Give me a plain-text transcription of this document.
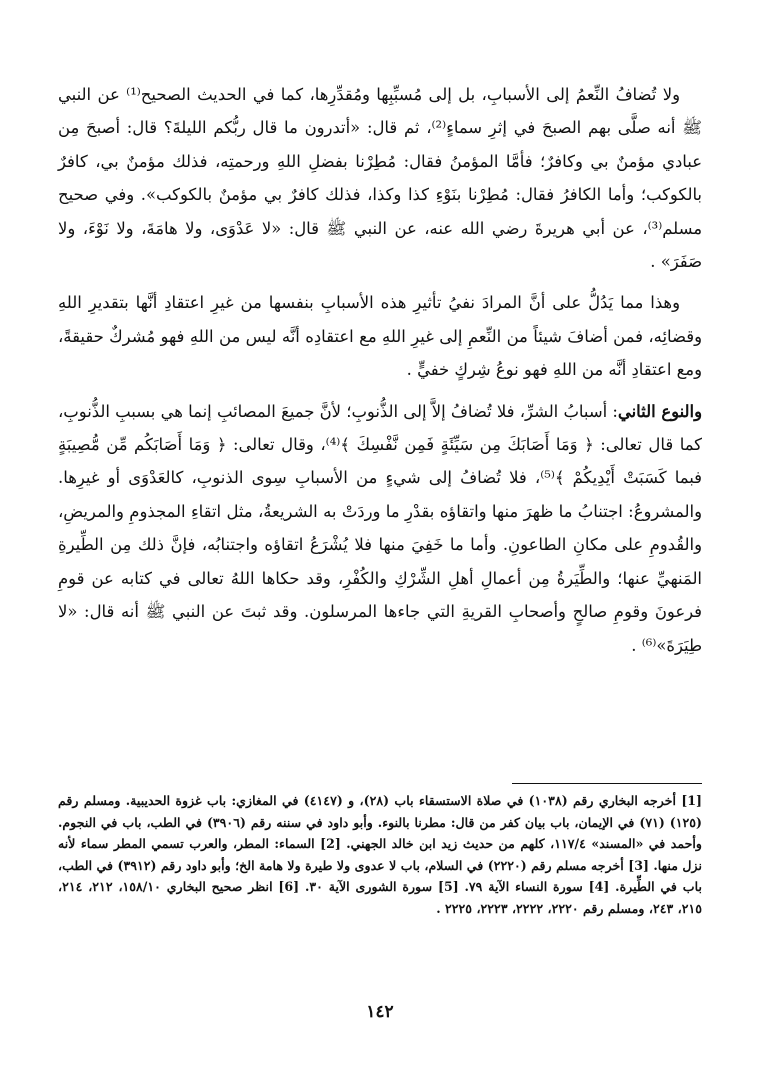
ولا تُضافُ النِّعمُ إلى الأسبابِ، بل إلى مُسبِّبِها ومُقدِّرِها، كما في الحديث الصحيح⁽¹⁾ عن النبي ﷺ أنه صلَّى بهم الصبحَ في إثرِ سماءٍ⁽²⁾، ثم قال: «أتدرون ما قال ربُّكم الليلةَ؟ قال: أصبحَ مِن عبادي مؤمنٌ بي وكافرٌ؛ فأمَّا المؤمنُ فقال: مُطِرْنا بفضلِ اللهِ ورحمتِه، فذلك مؤمنٌ بي، كافرٌ بالكوكب؛ وأما الكافرُ فقال: مُطِرْنا بنَوْءِ كذا وكذا، فذلك كافرٌ بي مؤمنٌ بالكوكب». وفي صحيح مسلم⁽³⁾، عن أبي هريرةَ رضي الله عنه، عن النبي ﷺ قال: «لا عَدْوَى، ولا هامَةَ، ولا نَوْءَ، ولا صَفَرَ» .

وهذا مما يَدُلُّ على أنَّ المرادَ نفيُ تأثيرِ هذه الأسبابِ بنفسها من غيرِ اعتقادِ أنَّها بتقديرِ اللهِ وقضائِه، فمن أضافَ شيئاً من النِّعمِ إلى غيرِ اللهِ مع اعتقادِه أنَّه ليس من اللهِ فهو مُشركٌ حقيقةً، ومع اعتقادِ أنَّه من اللهِ فهو نوعُ شِركٍ خفيٍّ .

والنوع الثاني: أسبابُ الشرِّ، فلا تُضافُ إلاَّ إلى الذُّنوبِ؛ لأنَّ جميعَ المصائبِ إنما هي بسببِ الذُّنوبِ، كما قال تعالى: ﴿ وَمَا أَصَابَكَ مِن سَيِّئَةٍ فَمِن نَّفْسِكَ ﴾⁽⁴⁾، وقال تعالى: ﴿ وَمَا أَصَابَكُم مِّن مُّصِيبَةٍ فبما كَسَبَتْ أَيْدِيكُمْ ﴾⁽⁵⁾، فلا تُضافُ إلى شيءٍ من الأسبابِ سِوى الذنوبِ، كالعَدْوَى أو غيرِها. والمشروعُ: اجتنابُ ما ظهرَ منها واتقاؤه بقدْرِ ما وردَتْ به الشريعةُ، مثل اتقاءِ المجذومِ والمريضِ، والقُدومِ على مكانِ الطاعونِ. وأما ما خَفِيَ منها فلا يُشْرَعُ اتقاؤه واجتنابُه، فإنَّ ذلك مِن الطِّيرةِ المَنهيِّ عنها؛ والطِّيَرةُ مِن أعمالِ أهلِ الشِّرْكِ والكُفْرِ، وقد حكاها اللهُ تعالى في كتابه عن قومِ فرعونَ وقومِ صالحٍ وأصحابِ القريةِ التي جاءها المرسلون. وقد ثبتَ عن النبي ﷺ أنه قال: «لا طِيَرَةَ»⁽⁶⁾ .

[1] أخرجه البخاري رقم (١٠٣٨) في صلاة الاستسقاء باب (٢٨)، و (٤١٤٧) في المغازي: باب غزوة الحديبية. ومسلم رقم (١٢٥) (٧١) في الإيمان، باب بيان كفر من قال: مطرنا بالنوء. وأبو داود في سننه رقم (٣٩٠٦) في الطب، باب في النجوم. وأحمد في «المسند» ١١٧/٤، كلهم من حديث زيد ابن خالد الجهني. [2] السماء: المطر، والعرب تسمي المطر سماء لأنه نزل منها. [3] أخرجه مسلم رقم (٢٢٢٠) في السلام، باب لا عدوى ولا طيرة ولا هامة الخ؛ وأبو داود رقم (٣٩١٢) في الطب، باب في الطِّيرة. [4] سورة النساء الآية ٧٩. [5] سورة الشورى الآية ٣٠. [6] انظر صحيح البخاري ١٥٨/١٠، ٢١٢، ٢١٤، ٢١٥، ٢٤٣، ومسلم رقم ٢٢٢٠، ٢٢٢٢، ٢٢٢٣، ٢٢٢٥ .

١٤٢
